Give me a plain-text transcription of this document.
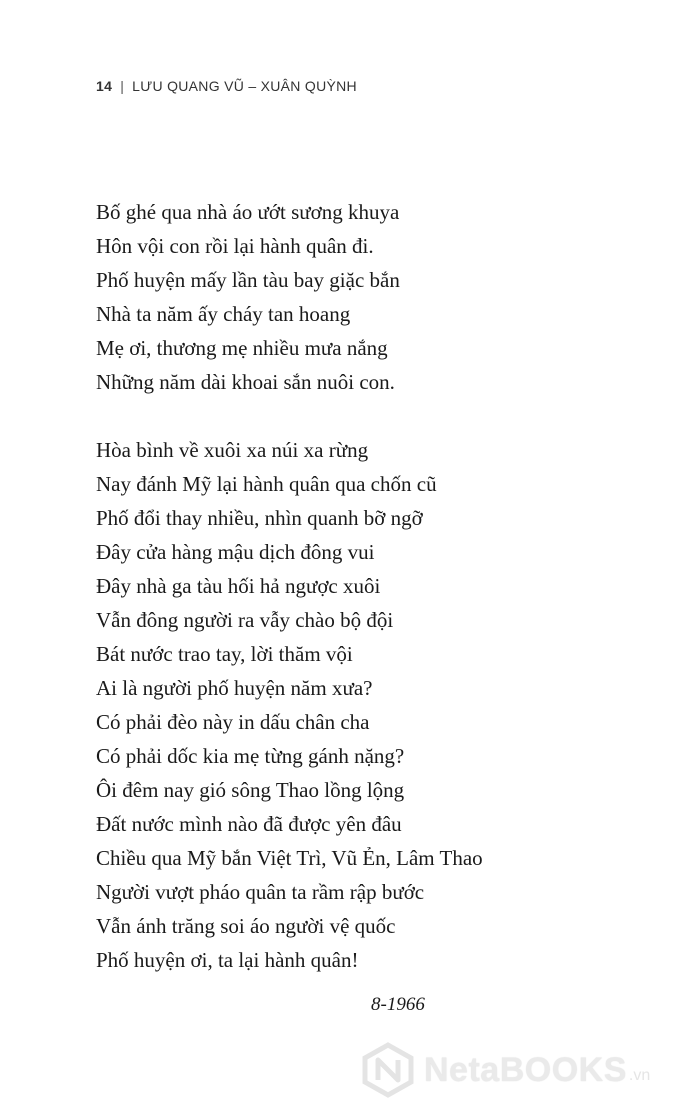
14 | LƯU QUANG VŨ – XUÂN QUỲNH
Bố ghé qua nhà áo ướt sương khuya
Hôn vội con rồi lại hành quân đi.
Phố huyện mấy lần tàu bay giặc bắn
Nhà ta năm ấy cháy tan hoang
Mẹ ơi, thương mẹ nhiều mưa nắng
Những năm dài khoai sắn nuôi con.
Hòa bình về xuôi xa núi xa rừng
Nay đánh Mỹ lại hành quân qua chốn cũ
Phố đổi thay nhiều, nhìn quanh bỡ ngỡ
Đây cửa hàng mậu dịch đông vui
Đây nhà ga tàu hối hả ngược xuôi
Vẫn đông người ra vẫy chào bộ đội
Bát nước trao tay, lời thăm vội
Ai là người phố huyện năm xưa?
Có phải đèo này in dấu chân cha
Có phải dốc kia mẹ từng gánh nặng?
Ôi đêm nay gió sông Thao lồng lộng
Đất nước mình nào đã được yên đâu
Chiều qua Mỹ bắn Việt Trì, Vũ Ẻn, Lâm Thao
Người vượt pháo quân ta rầm rập bước
Vẫn ánh trăng soi áo người vệ quốc
Phố huyện ơi, ta lại hành quân!
8-1966
NetaBOOKS .vn
